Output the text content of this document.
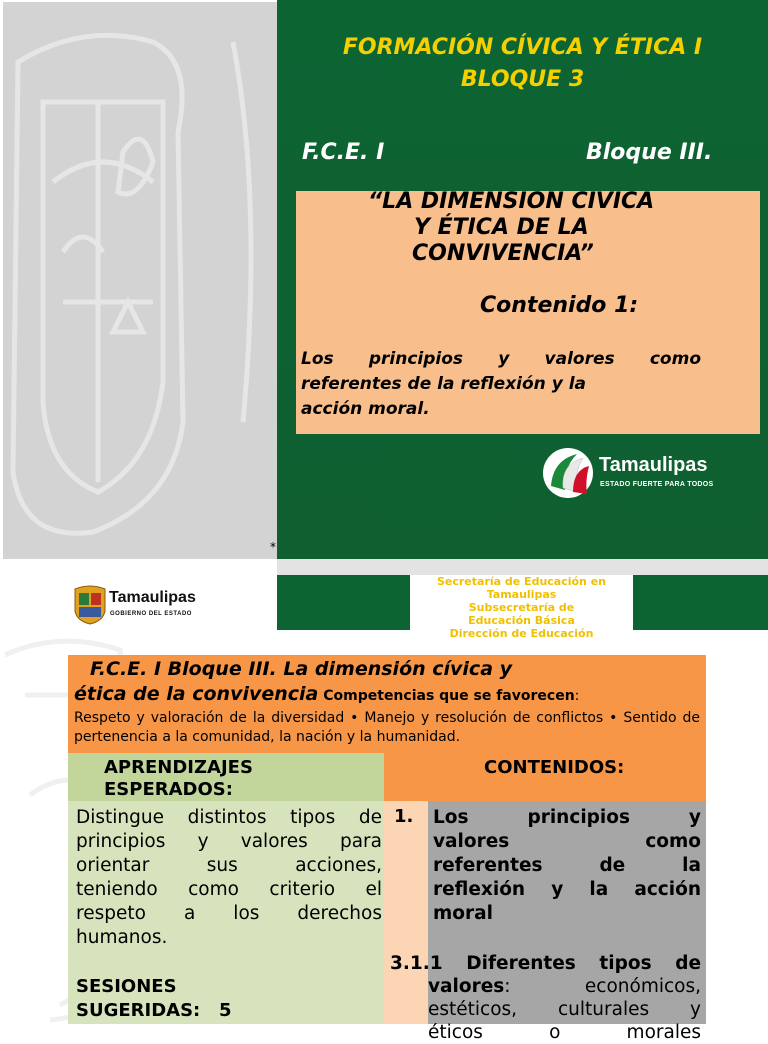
FORMACIÓN CÍVICA Y ÉTICA I
BLOQUE 3
F.C.E. I	Bloque III.
“LA DIMENSION CIVICA
Y ÉTICA DE LA
CONVIVENCIA”
Contenido 1:
Los principios y valores como
referentes de la reflexión y la
acción moral.
Tamaulipas
ESTADO FUERTE PARA TODOS
*
Tamaulipas
GOBIERNO DEL ESTADO
Secretaría de Educación en
Tamaulipas
Subsecretaría de
Educación Básica
Dirección de Educación
F.C.E. I Bloque III. La dimensión cívica y
ética de la convivencia Competencias que se favorecen:
Respeto y valoración de la diversidad • Manejo y resolución de conflictos • Sentido de pertenencia a la comunidad, la nación y la humanidad.
APRENDIZAJES ESPERADOS:
CONTENIDOS:
Distingue distintos tipos de
principios y valores para
orientar sus acciones,
teniendo como criterio el
respeto a los derechos
humanos.
SESIONES
SUGERIDAS:   5
1. Los principios y
valores como
referentes de la
reflexión y la acción
moral
3.1.1 Diferentes tipos de
valores: económicos,
estéticos, culturales y
éticos o morales
